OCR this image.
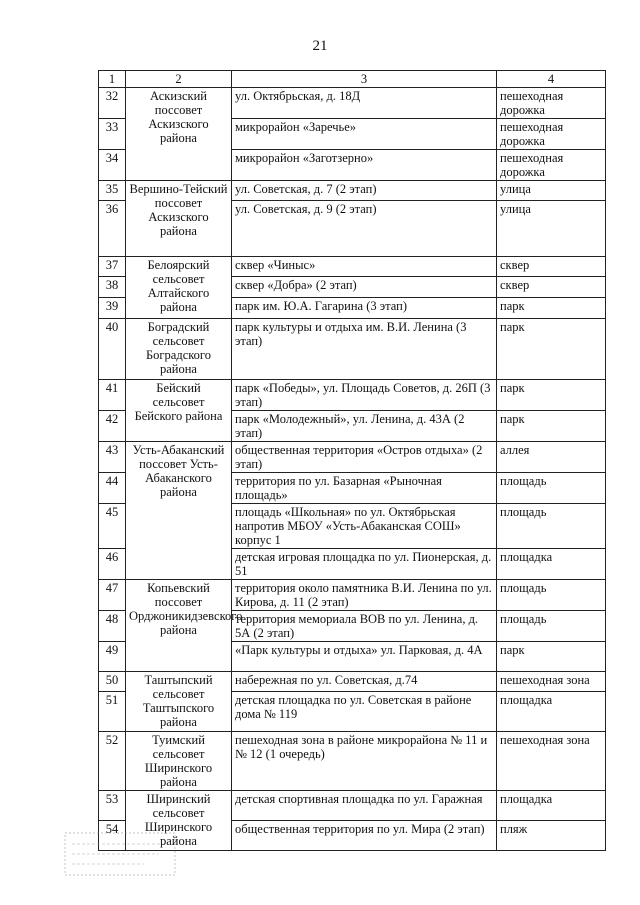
21
1	2	3	4
32	Аскизский поссовет Аскизского района	ул. Октябрьская, д. 18Д	пешеходная дорожка
33		микрорайон «Заречье»	пешеходная дорожка
34		микрорайон «Заготзерно»	пешеходная дорожка
35	Вершино-Тейский поссовет Аскизского района	ул. Советская, д. 7 (2 этап)	улица
36		ул. Советская, д. 9 (2 этап)	улица
37	Белоярский сельсовет Алтайского района	сквер «Чиныс»	сквер
38		сквер «Добра» (2 этап)	сквер
39		парк им. Ю.А. Гагарина (3 этап)	парк
40	Боградский сельсовет Боградского района	парк культуры и отдыха им. В.И. Ленина (3 этап)	парк
41	Бейский сельсовет Бейского района	парк «Победы», ул. Площадь Советов, д. 26П (3 этап)	парк
42		парк «Молодежный», ул. Ленина, д. 43А (2 этап)	парк
43	Усть-Абаканский поссовет Усть-Абаканского района	общественная территория «Остров отдыха» (2 этап)	аллея
44		территория по ул. Базарная «Рыночная площадь»	площадь
45		площадь «Школьная» по ул. Октябрьская напротив МБОУ «Усть-Абаканская СОШ» корпус 1	площадь
46		детская игровая площадка по ул. Пионерская, д. 51	площадка
47	Копьевский поссовет Орджоникидзевского района	территория около памятника В.И. Ленина по ул. Кирова, д. 11 (2 этап)	площадь
48		территория мемориала ВОВ по ул. Ленина, д. 5А (2 этап)	площадь
49		«Парк культуры и отдыха» ул. Парковая, д. 4А	парк
50	Таштыпский сельсовет Таштыпского района	набережная по ул. Советская, д.74	пешеходная зона
51		детская площадка по ул. Советская в районе дома № 119	площадка
52	Туимский сельсовет Ширинского района	пешеходная зона в районе микрорайона № 11 и № 12 (1 очередь)	пешеходная зона
53	Ширинский сельсовет Ширинского района	детская спортивная площадка по ул. Гаражная	площадка
54		общественная территория по ул. Мира (2 этап)	пляж
